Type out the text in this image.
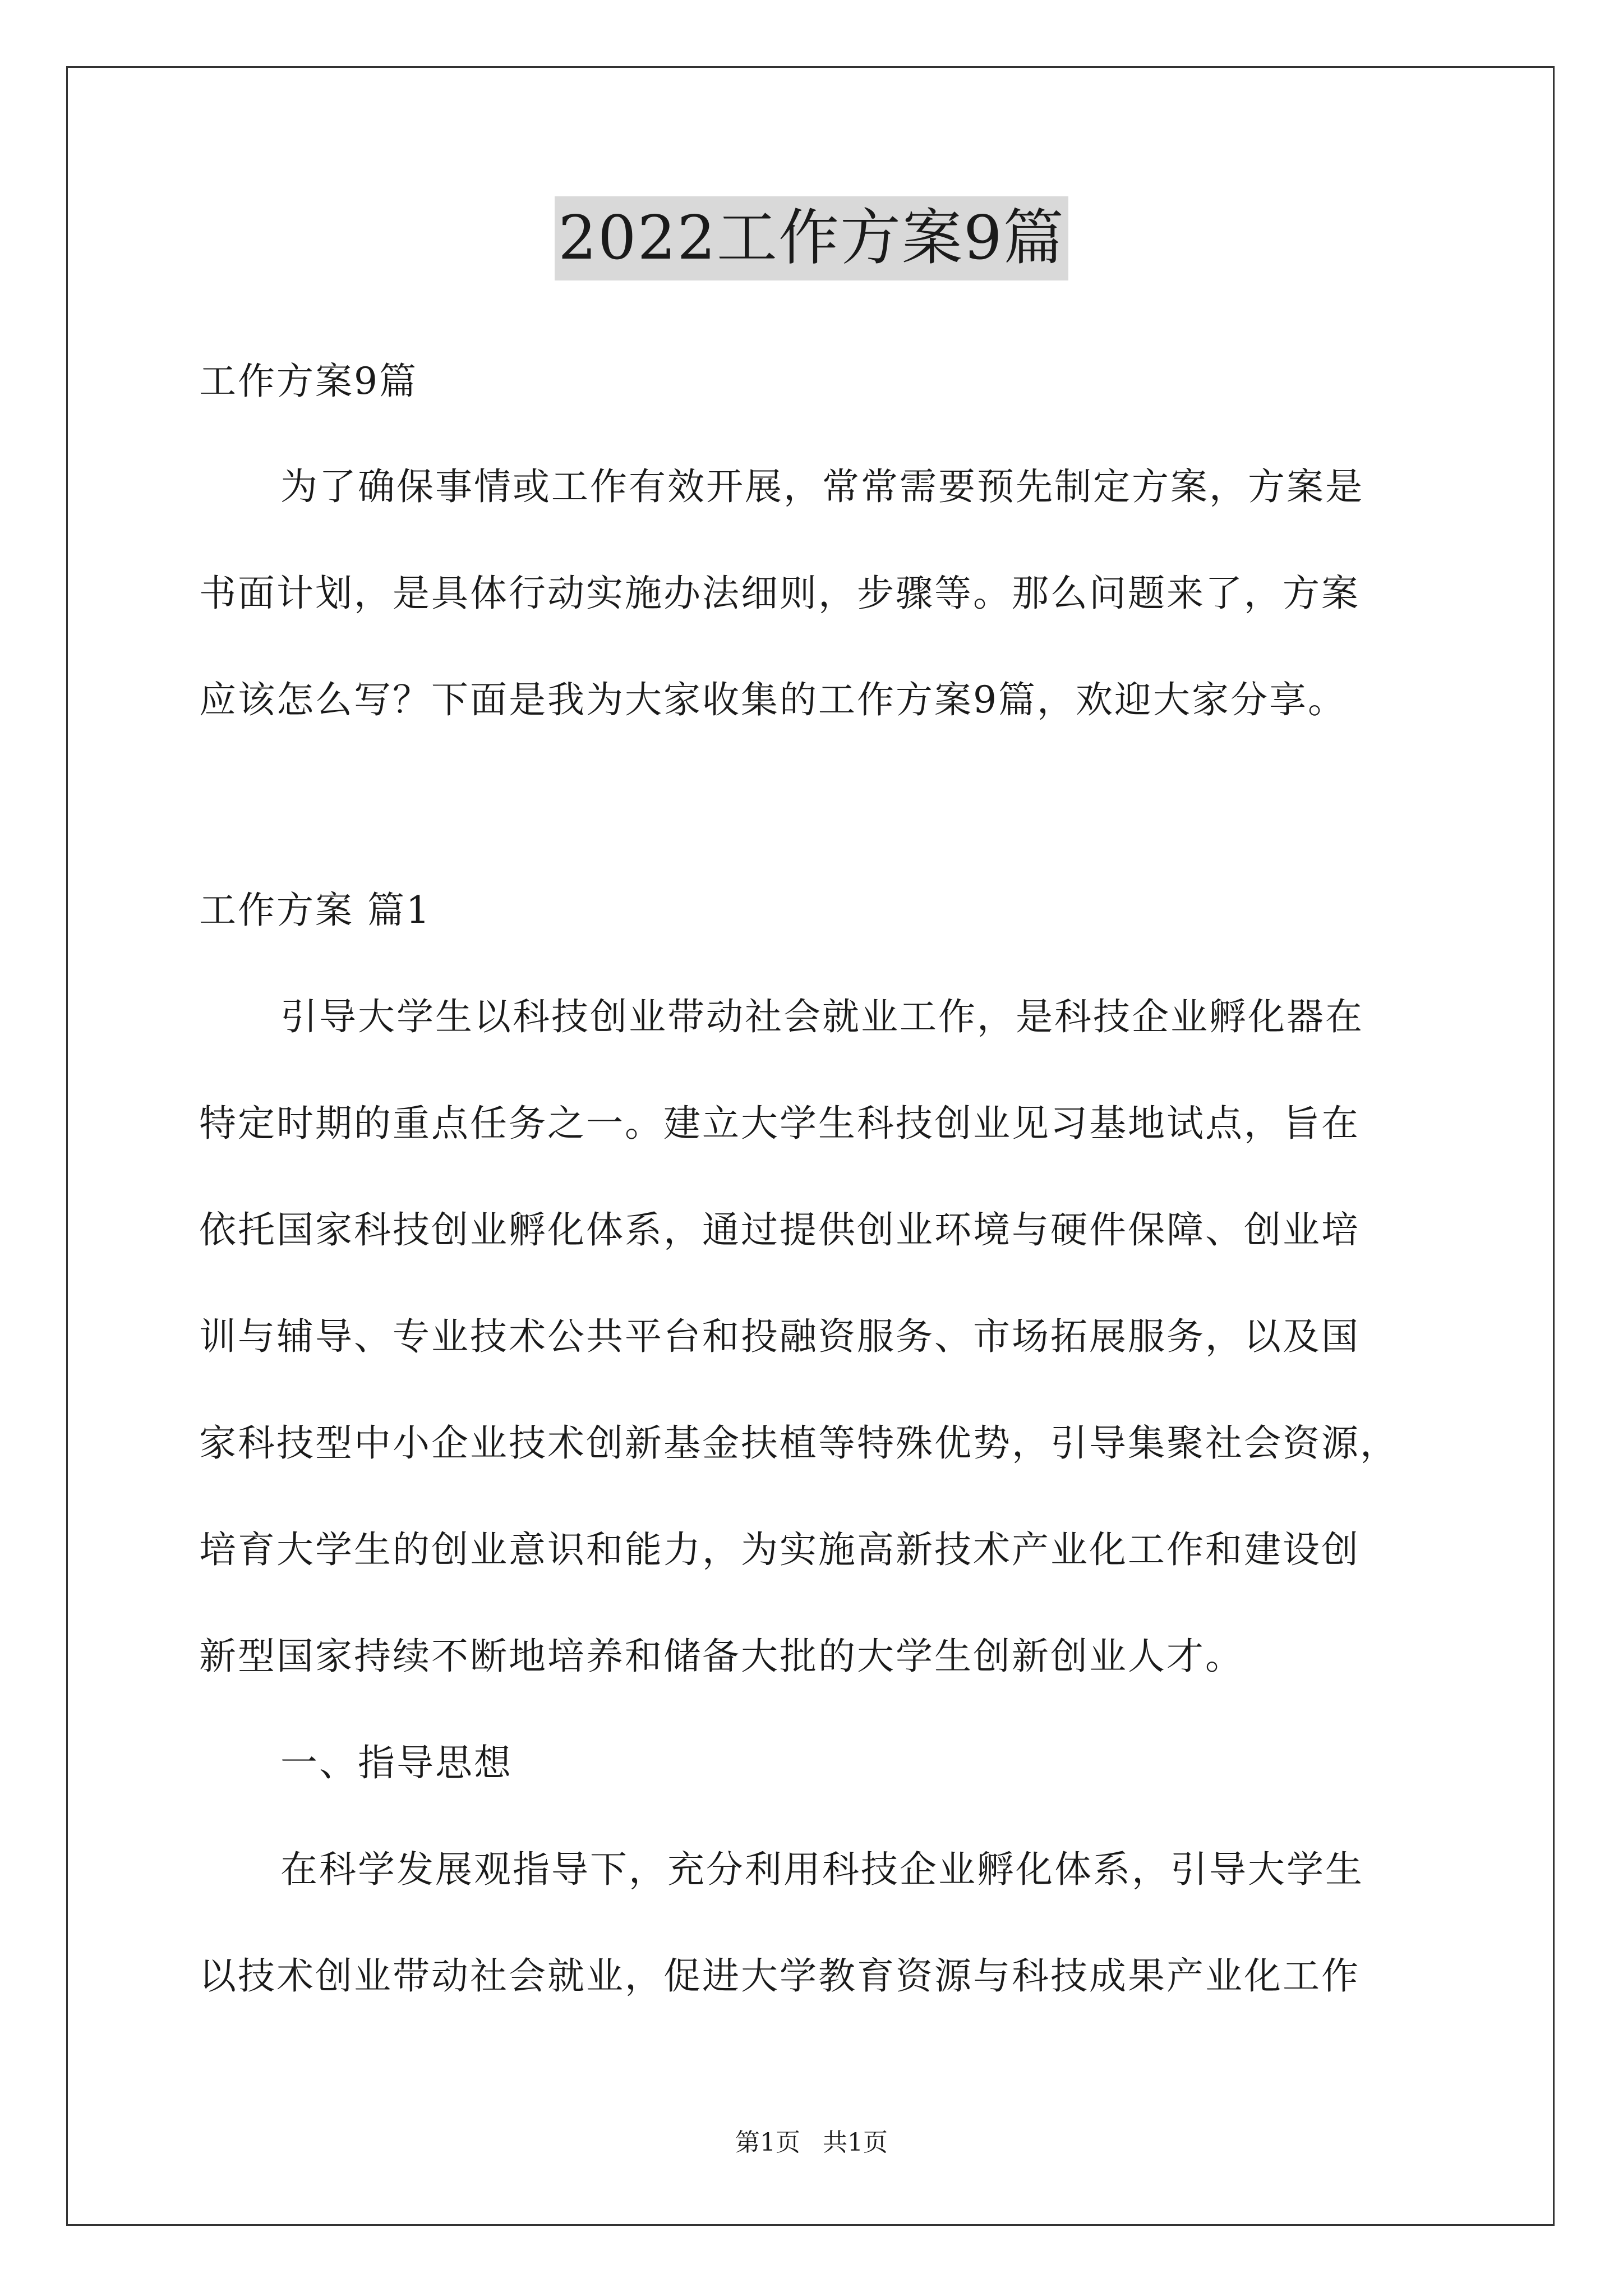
2022工作方案9篇
工作方案9篇
为了确保事情或工作有效开展，常常需要预先制定方案，方案是
书面计划，是具体行动实施办法细则，步骤等。那么问题来了，方案
应该怎么写？下面是我为大家收集的工作方案9篇，欢迎大家分享。
工作方案 篇1
引导大学生以科技创业带动社会就业工作，是科技企业孵化器在
特定时期的重点任务之一。建立大学生科技创业见习基地试点，旨在
依托国家科技创业孵化体系，通过提供创业环境与硬件保障、创业培
训与辅导、专业技术公共平台和投融资服务、市场拓展服务，以及国
家科技型中小企业技术创新基金扶植等特殊优势，引导集聚社会资源，
培育大学生的创业意识和能力，为实施高新技术产业化工作和建设创
新型国家持续不断地培养和储备大批的大学生创新创业人才。
一、指导思想
在科学发展观指导下，充分利用科技企业孵化体系，引导大学生
以技术创业带动社会就业，促进大学教育资源与科技成果产业化工作
第1页 共1页
